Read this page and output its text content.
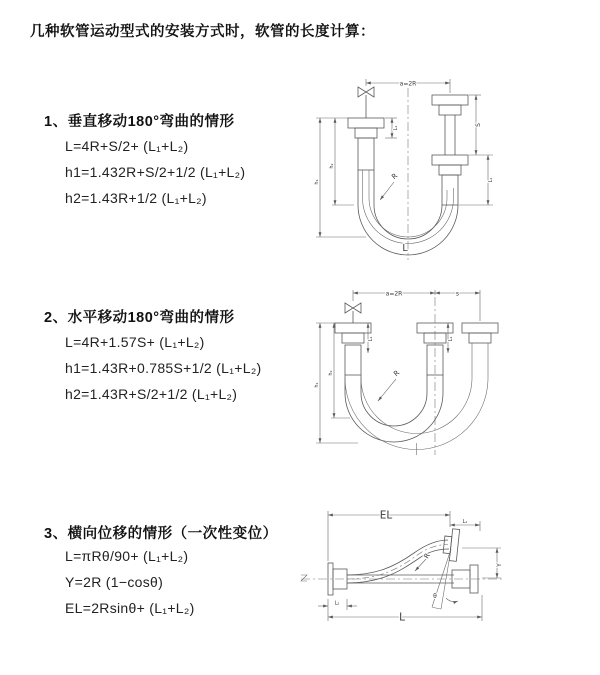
几种软管运动型式的安装方式时，软管的长度计算：
1、垂直移动180°弯曲的情形
L=4R+S/2+ (L₁+L₂)
h1=1.432R+S/2+1/2 (L₁+L₂)
h2=1.43R+1/2 (L₁+L₂)
2、水平移动180°弯曲的情形
L=4R+1.57S+ (L₁+L₂)
h1=1.43R+0.785S+1/2 (L₁+L₂)
h2=1.43R+S/2+1/2 (L₁+L₂)
3、横向位移的情形（一次性变位）
L=πRθ/90+ (L₁+L₂)
Y=2R (1−cosθ)
EL=2Rsinθ+ (L₁+L₂)
a=2R
h₁
h₂
L₁
S
L₁
R
L
a=2R	s
h₁
h₂
L₁	L₁
R
EL
L₁
Y
R
θ
L₂
L
